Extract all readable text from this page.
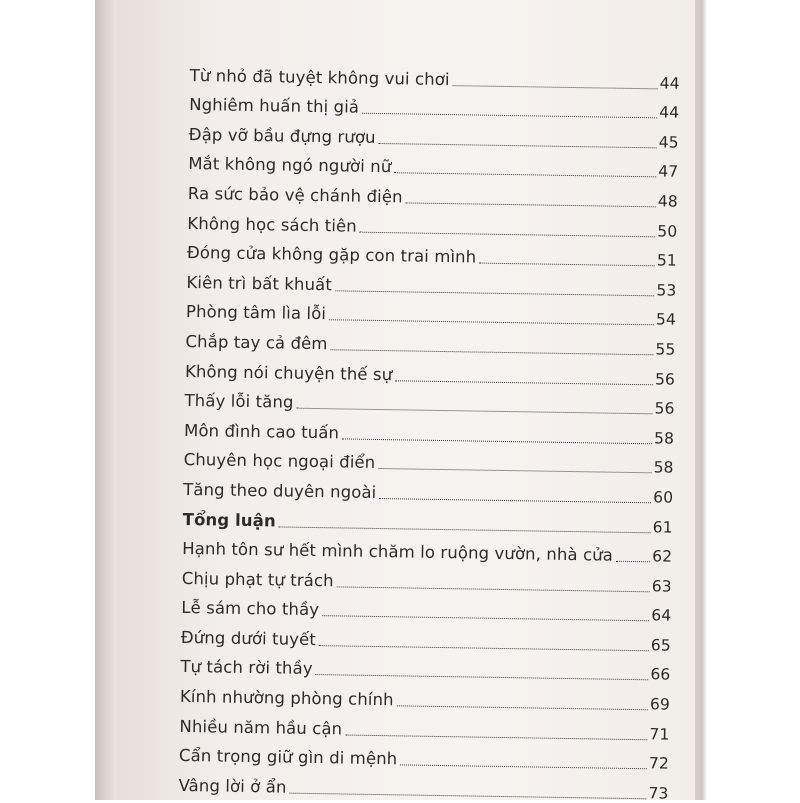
Từ nhỏ đã tuyệt không vui chơi	44
Nghiêm huấn thị giả	44
Đập vỡ bầu đựng rượu	45
Mắt không ngó người nữ	47
Ra sức bảo vệ chánh điện	48
Không học sách tiên	50
Đóng cửa không gặp con trai mình	51
Kiên trì bất khuất	53
Phòng tâm lìa lỗi	54
Chắp tay cả đêm	55
Không nói chuyện thế sự	56
Thấy lỗi tăng	56
Môn đình cao tuấn	58
Chuyên học ngoại điển	58
Tăng theo duyên ngoài	60
Tổng luận	61
Hạnh tôn sư hết mình chăm lo ruộng vườn, nhà cửa	62
Chịu phạt tự trách	63
Lễ sám cho thầy	64
Đứng dưới tuyết	65
Tự tách rời thầy	66
Kính nhường phòng chính	69
Nhiều năm hầu cận	71
Cẩn trọng giữ gìn di mệnh	72
Vâng lời ở ẩn	73
